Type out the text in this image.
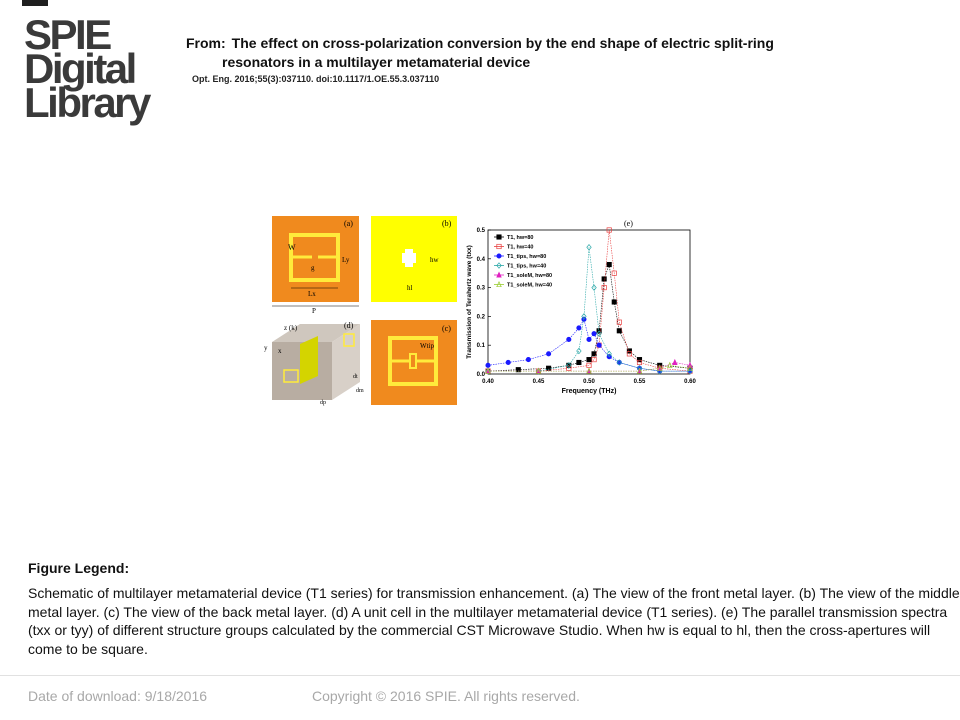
SPIE
Digital
Library
From: The effect on cross-polarization conversion by the end shape of electric split-ring
resonators in a multilayer metamaterial device
Opt. Eng. 2016;55(3):037110. doi:10.1117/1.OE.55.3.037110
(a)
W
g
Ly
Lx
P
(b)
hw
hl
(d)
z (k)
y x
dt
dm
dp
(c)
Wtip
(e)
0.40	0.45	0.50	0.55	0.60
0.0
0.1
0.2
0.3
0.4
0.5
Frequency (THz)
Transmission of Terahertz wave (txx)
T1, hw=80
T1, hw=40
T1_tips, hw=80
T1_tips, hw=40
T1_soleM, hw=80
T1_soleM, hw=40
Figure Legend:
Schematic of multilayer metamaterial device (T1 series) for transmission enhancement. (a) The view of the front metal layer. (b) The view of the middle metal layer. (c) The view of the back metal layer. (d) A unit cell in the multilayer metamaterial device (T1 series). (e) The parallel transmission spectra (txx or tyy) of different structure groups calculated by the commercial CST Microwave Studio. When hw is equal to hl, then the cross-apertures will come to be square.
Date of download: 9/18/2016	Copyright © 2016 SPIE. All rights reserved.
